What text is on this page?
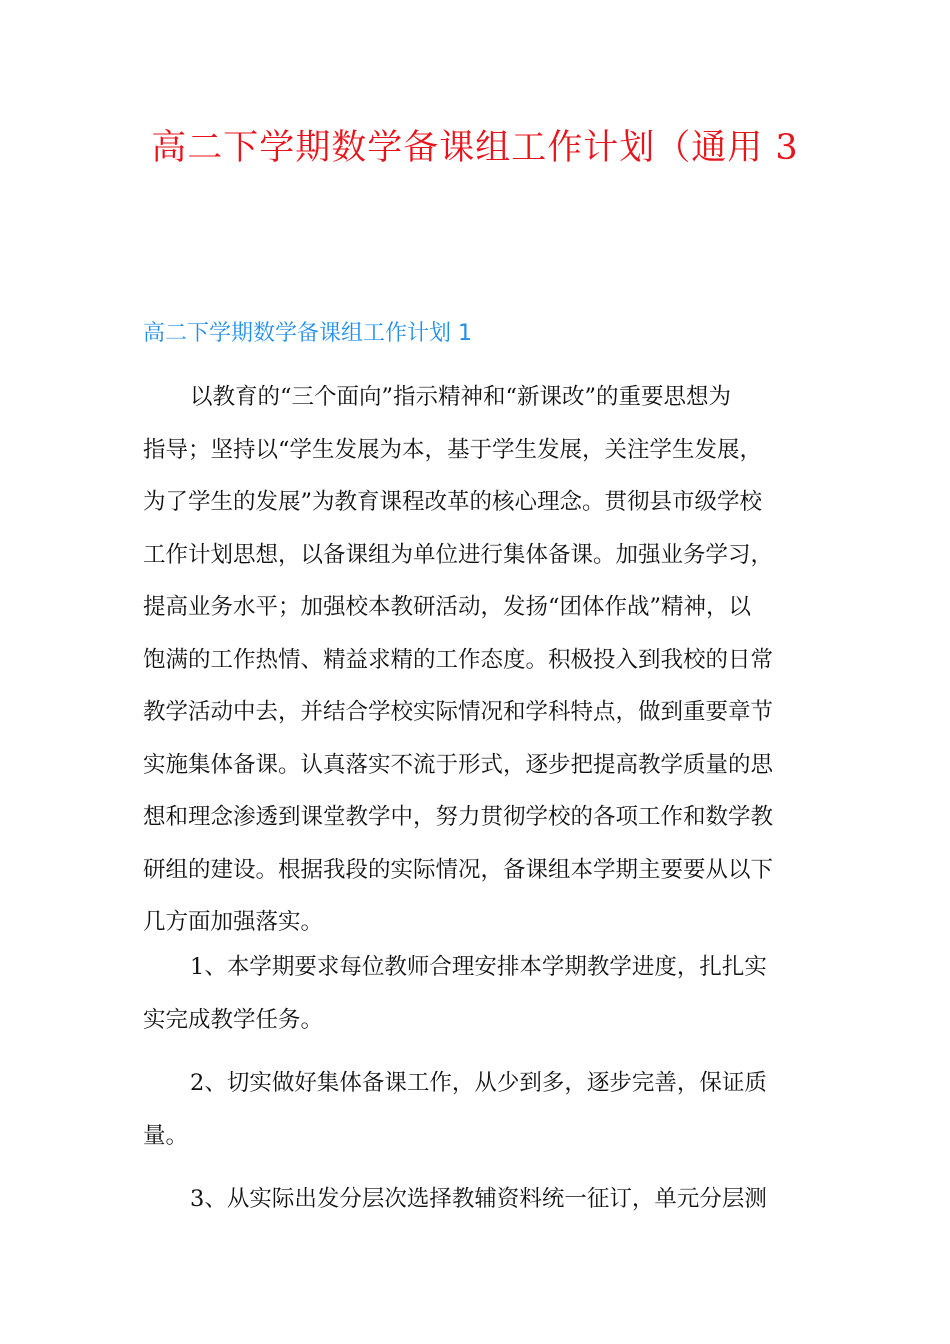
高二下学期数学备课组工作计划（通用 3
高二下学期数学备课组工作计划 1
以教育的“三个面向”指示精神和“新课改”的重要思想为
指导；坚持以“学生发展为本，基于学生发展，关注学生发展，
为了学生的发展”为教育课程改革的核心理念。贯彻县市级学校
工作计划思想，以备课组为单位进行集体备课。加强业务学习，
提高业务水平；加强校本教研活动，发扬“团体作战”精神，以
饱满的工作热情、精益求精的工作态度。积极投入到我校的日常
教学活动中去，并结合学校实际情况和学科特点，做到重要章节
实施集体备课。认真落实不流于形式，逐步把提高教学质量的思
想和理念渗透到课堂教学中，努力贯彻学校的各项工作和数学教
研组的建设。根据我段的实际情况，备课组本学期主要要从以下
几方面加强落实。
1、本学期要求每位教师合理安排本学期教学进度，扎扎实
实完成教学任务。
2、切实做好集体备课工作，从少到多，逐步完善，保证质
量。
3、从实际出发分层次选择教辅资料统一征订，单元分层测
